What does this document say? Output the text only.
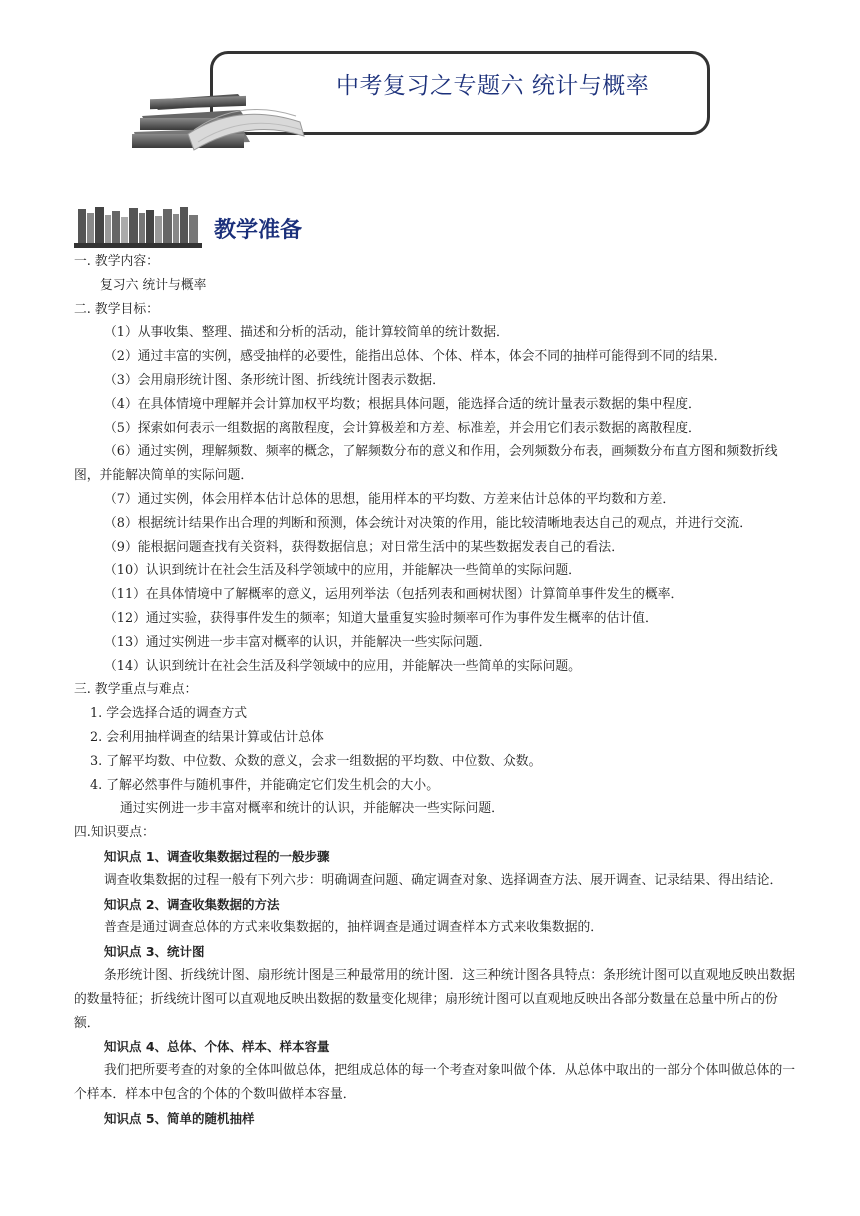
中考复习之专题六 统计与概率
教学准备
一. 教学内容：
复习六 统计与概率
二. 教学目标：
（1）从事收集、整理、描述和分析的活动，能计算较简单的统计数据．
（2）通过丰富的实例，感受抽样的必要性，能指出总体、个体、样本，体会不同的抽样可能得到不同的结果．
（3）会用扇形统计图、条形统计图、折线统计图表示数据．
（4）在具体情境中理解并会计算加权平均数；根据具体问题，能选择合适的统计量表示数据的集中程度．
（5）探索如何表示一组数据的离散程度，会计算极差和方差、标准差，并会用它们表示数据的离散程度．
（6）通过实例，理解频数、频率的概念，了解频数分布的意义和作用，会列频数分布表，画频数分布直方图和频数折线图，并能解决简单的实际问题．
（7）通过实例，体会用样本估计总体的思想，能用样本的平均数、方差来估计总体的平均数和方差．
（8）根据统计结果作出合理的判断和预测，体会统计对决策的作用，能比较清晰地表达自己的观点，并进行交流．
（9）能根据问题查找有关资料，获得数据信息；对日常生活中的某些数据发表自己的看法．
（10）认识到统计在社会生活及科学领域中的应用，并能解决一些简单的实际问题．
（11）在具体情境中了解概率的意义，运用列举法（包括列表和画树状图）计算简单事件发生的概率．
（12）通过实验，获得事件发生的频率；知道大量重复实验时频率可作为事件发生概率的估计值．
（13）通过实例进一步丰富对概率的认识，并能解决一些实际问题．
（14）认识到统计在社会生活及科学领域中的应用，并能解决一些简单的实际问题。
三. 教学重点与难点：
1. 学会选择合适的调查方式
2. 会利用抽样调查的结果计算或估计总体
3. 了解平均数、中位数、众数的意义，会求一组数据的平均数、中位数、众数。
4. 了解必然事件与随机事件，并能确定它们发生机会的大小。
通过实例进一步丰富对概率和统计的认识，并能解决一些实际问题．
四.知识要点：
知识点 1、调查收集数据过程的一般步骤
调查收集数据的过程一般有下列六步：明确调查问题、确定调查对象、选择调查方法、展开调查、记录结果、得出结论．
知识点 2、调查收集数据的方法
普查是通过调查总体的方式来收集数据的，抽样调查是通过调查样本方式来收集数据的．
知识点 3、统计图
条形统计图、折线统计图、扇形统计图是三种最常用的统计图．这三种统计图各具特点：条形统计图可以直观地反映出数据的数量特征；折线统计图可以直观地反映出数据的数量变化规律；扇形统计图可以直观地反映出各部分数量在总量中所占的份额．
知识点 4、总体、个体、样本、样本容量
我们把所要考查的对象的全体叫做总体，把组成总体的每一个考查对象叫做个体．从总体中取出的一部分个体叫做总体的一个样本．样本中包含的个体的个数叫做样本容量．
知识点 5、简单的随机抽样
